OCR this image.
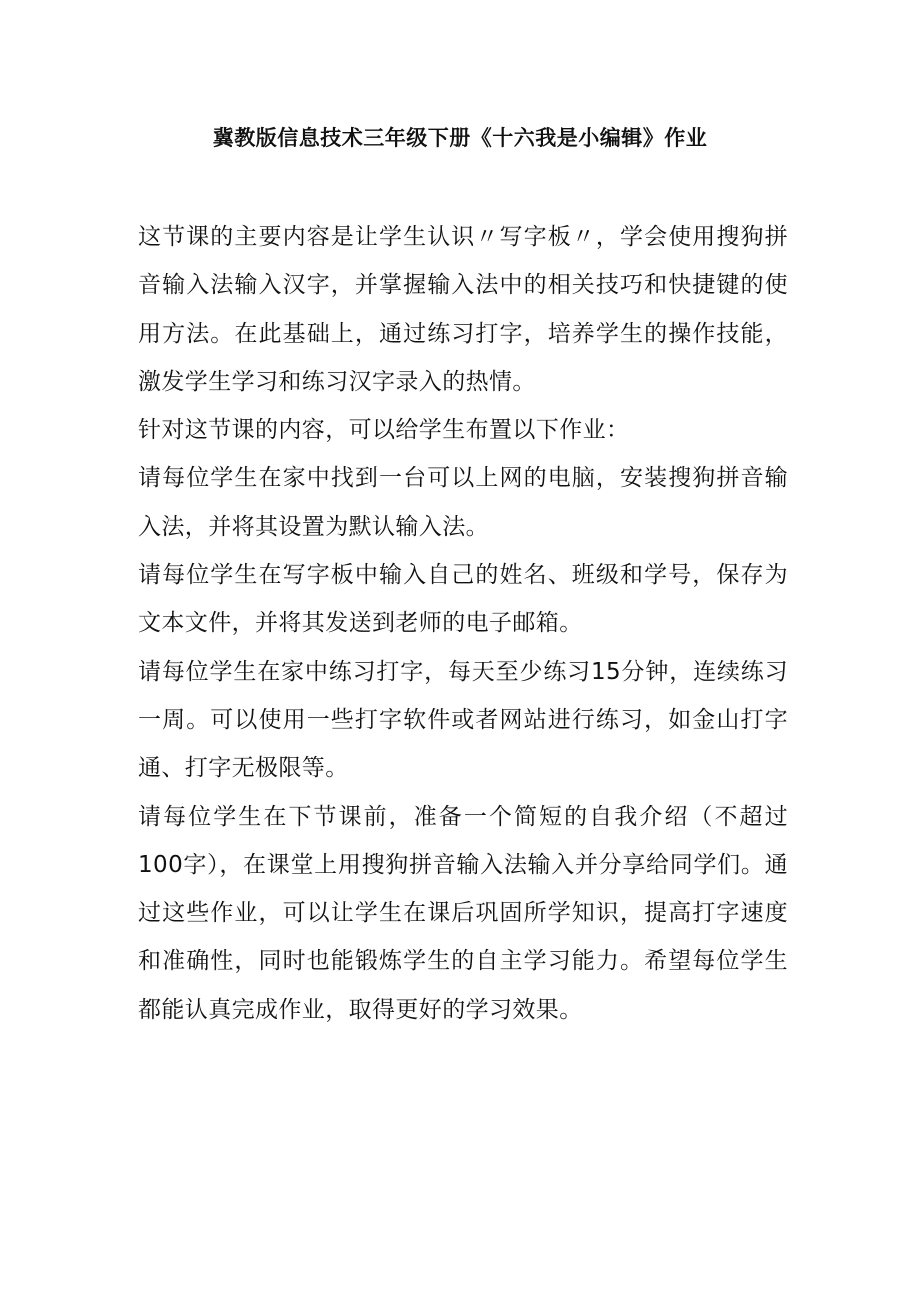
冀教版信息技术三年级下册《十六我是小编辑》作业

这节课的主要内容是让学生认识〃写字板〃，学会使用搜狗拼音输入法输入汉字，并掌握输入法中的相关技巧和快捷键的使用方法。在此基础上，通过练习打字，培养学生的操作技能，激发学生学习和练习汉字录入的热情。

针对这节课的内容，可以给学生布置以下作业：

请每位学生在家中找到一台可以上网的电脑，安装搜狗拼音输入法，并将其设置为默认输入法。

请每位学生在写字板中输入自己的姓名、班级和学号，保存为文本文件，并将其发送到老师的电子邮箱。

请每位学生在家中练习打字，每天至少练习15分钟，连续练习一周。可以使用一些打字软件或者网站进行练习，如金山打字通、打字无极限等。

请每位学生在下节课前，准备一个简短的自我介绍（不超过100字），在课堂上用搜狗拼音输入法输入并分享给同学们。通过这些作业，可以让学生在课后巩固所学知识，提高打字速度和准确性，同时也能锻炼学生的自主学习能力。希望每位学生都能认真完成作业，取得更好的学习效果。
